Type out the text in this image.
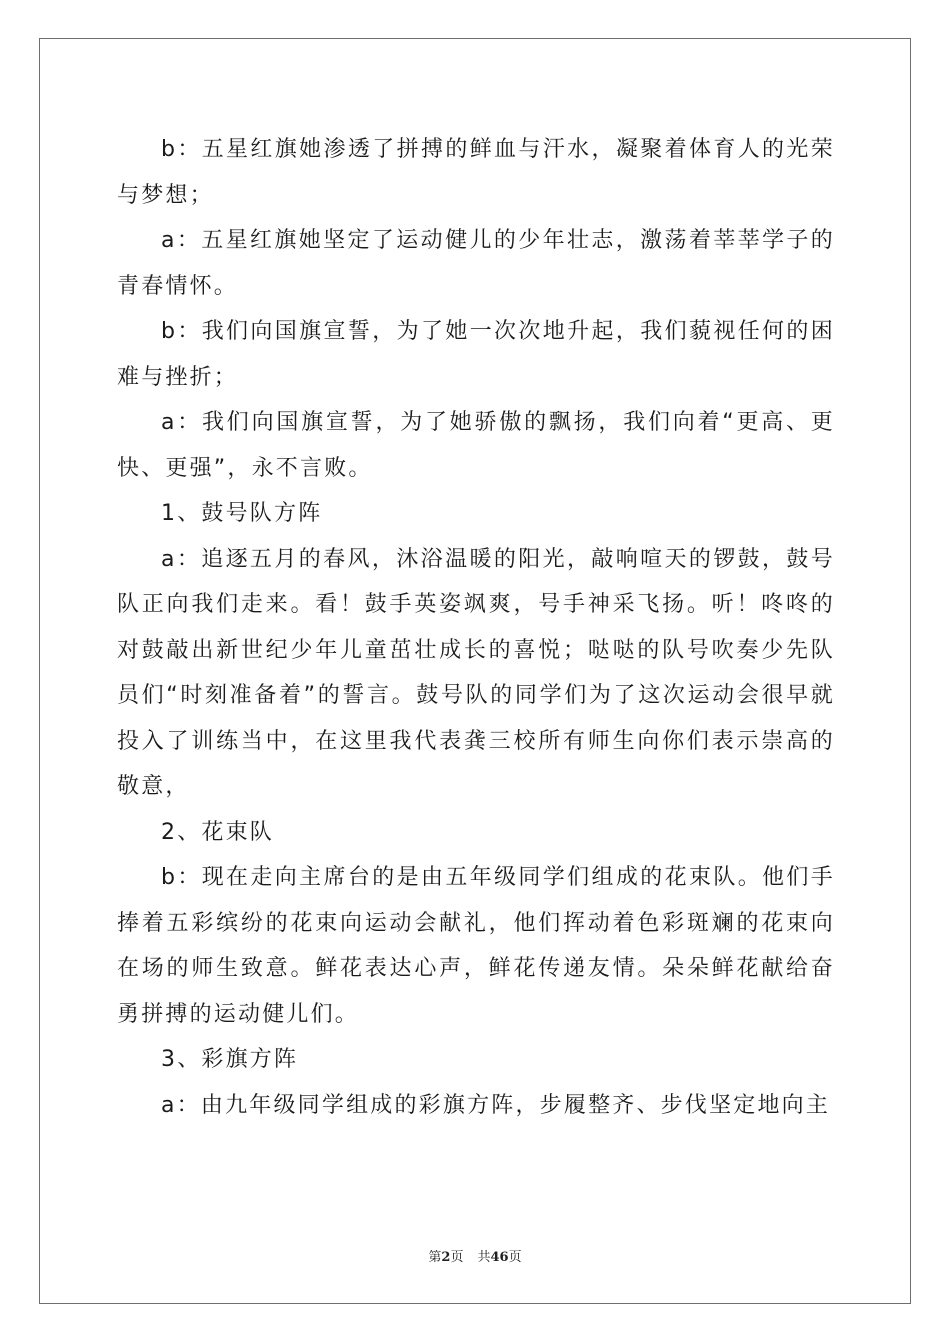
b：五星红旗她渗透了拼搏的鲜血与汗水，凝聚着体育人的光荣与梦想；

a：五星红旗她坚定了运动健儿的少年壮志，激荡着莘莘学子的青春情怀。

b：我们向国旗宣誓，为了她一次次地升起，我们藐视任何的困难与挫折；

a：我们向国旗宣誓，为了她骄傲的飘扬，我们向着“更高、更快、更强”，永不言败。

1、鼓号队方阵

a：追逐五月的春风，沐浴温暖的阳光，敲响喧天的锣鼓，鼓号队正向我们走来。看！鼓手英姿飒爽，号手神采飞扬。听！咚咚的对鼓敲出新世纪少年儿童茁壮成长的喜悦；哒哒的队号吹奏少先队员们“时刻准备着”的誓言。鼓号队的同学们为了这次运动会很早就投入了训练当中，在这里我代表龚三校所有师生向你们表示崇高的敬意，

2、花束队

b：现在走向主席台的是由五年级同学们组成的花束队。他们手捧着五彩缤纷的花束向运动会献礼，他们挥动着色彩斑斓的花束向在场的师生致意。鲜花表达心声，鲜花传递友情。朵朵鲜花献给奋勇拼搏的运动健儿们。

3、彩旗方阵

a：由九年级同学组成的彩旗方阵，步履整齐、步伐坚定地向主

第2页 共46页
